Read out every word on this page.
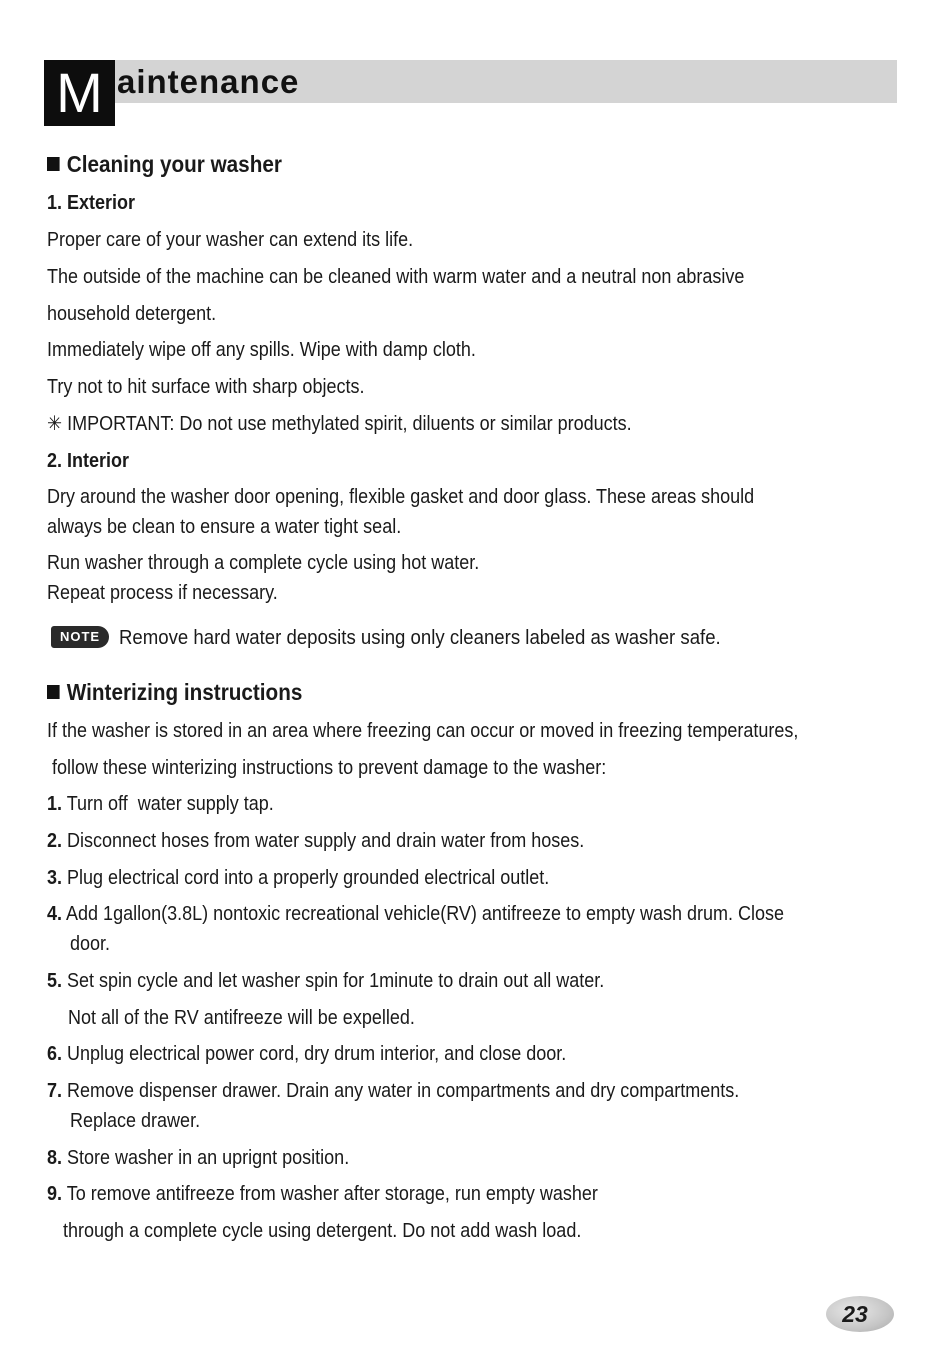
M aintenance
Cleaning your washer
1. Exterior
Proper care of your washer can extend its life.
The outside of the machine can be cleaned with warm water and a neutral non abrasive
household detergent.
Immediately wipe off any spills. Wipe with damp cloth.
Try not to hit surface with sharp objects.
✳ IMPORTANT: Do not use methylated spirit, diluents or similar products.
2. Interior
Dry around the washer door opening, flexible gasket and door glass. These areas should
always be clean to ensure a water tight seal.
Run washer through a complete cycle using hot water.
Repeat process if necessary.
NOTE Remove hard water deposits using only cleaners labeled as washer safe.
Winterizing instructions
If the washer is stored in an area where freezing can occur or moved in freezing temperatures,
follow these winterizing instructions to prevent damage to the washer:
1. Turn off  water supply tap.
2. Disconnect hoses from water supply and drain water from hoses.
3. Plug electrical cord into a properly grounded electrical outlet.
4. Add 1gallon(3.8L) nontoxic recreational vehicle(RV) antifreeze to empty wash drum. Close
door.
5. Set spin cycle and let washer spin for 1minute to drain out all water.
Not all of the RV antifreeze will be expelled.
6. Unplug electrical power cord, dry drum interior, and close door.
7. Remove dispenser drawer. Drain any water in compartments and dry compartments.
Replace drawer.
8. Store washer in an uprignt position.
9. To remove antifreeze from washer after storage, run empty washer
through a complete cycle using detergent. Do not add wash load.
23
